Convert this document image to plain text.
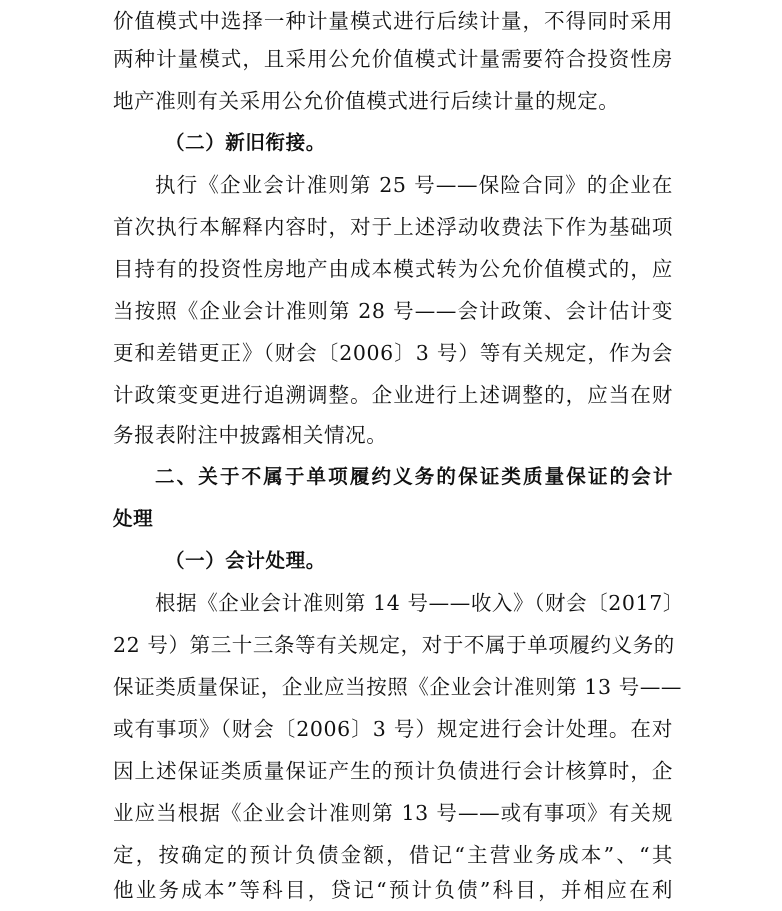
价值模式中选择一种计量模式进行后续计量，不得同时采用
两种计量模式，且采用公允价值模式计量需要符合投资性房
地产准则有关采用公允价值模式进行后续计量的规定。
（二）新旧衔接。
执行《企业会计准则第 25 号——保险合同》的企业在
首次执行本解释内容时，对于上述浮动收费法下作为基础项
目持有的投资性房地产由成本模式转为公允价值模式的，应
当按照《企业会计准则第 28 号——会计政策、会计估计变
更和差错更正》（财会〔2006〕3 号）等有关规定，作为会
计政策变更进行追溯调整。企业进行上述调整的，应当在财
务报表附注中披露相关情况。
二、关于不属于单项履约义务的保证类质量保证的会计
处理
（一）会计处理。
根据《企业会计准则第 14 号——收入》（财会〔2017〕
22 号）第三十三条等有关规定，对于不属于单项履约义务的
保证类质量保证，企业应当按照《企业会计准则第 13 号——
或有事项》（财会〔2006〕3 号）规定进行会计处理。在对
因上述保证类质量保证产生的预计负债进行会计核算时，企
业应当根据《企业会计准则第 13 号——或有事项》有关规
定，按确定的预计负债金额，借记“主营业务成本”、“其
他业务成本”等科目，贷记“预计负债”科目，并相应在利
